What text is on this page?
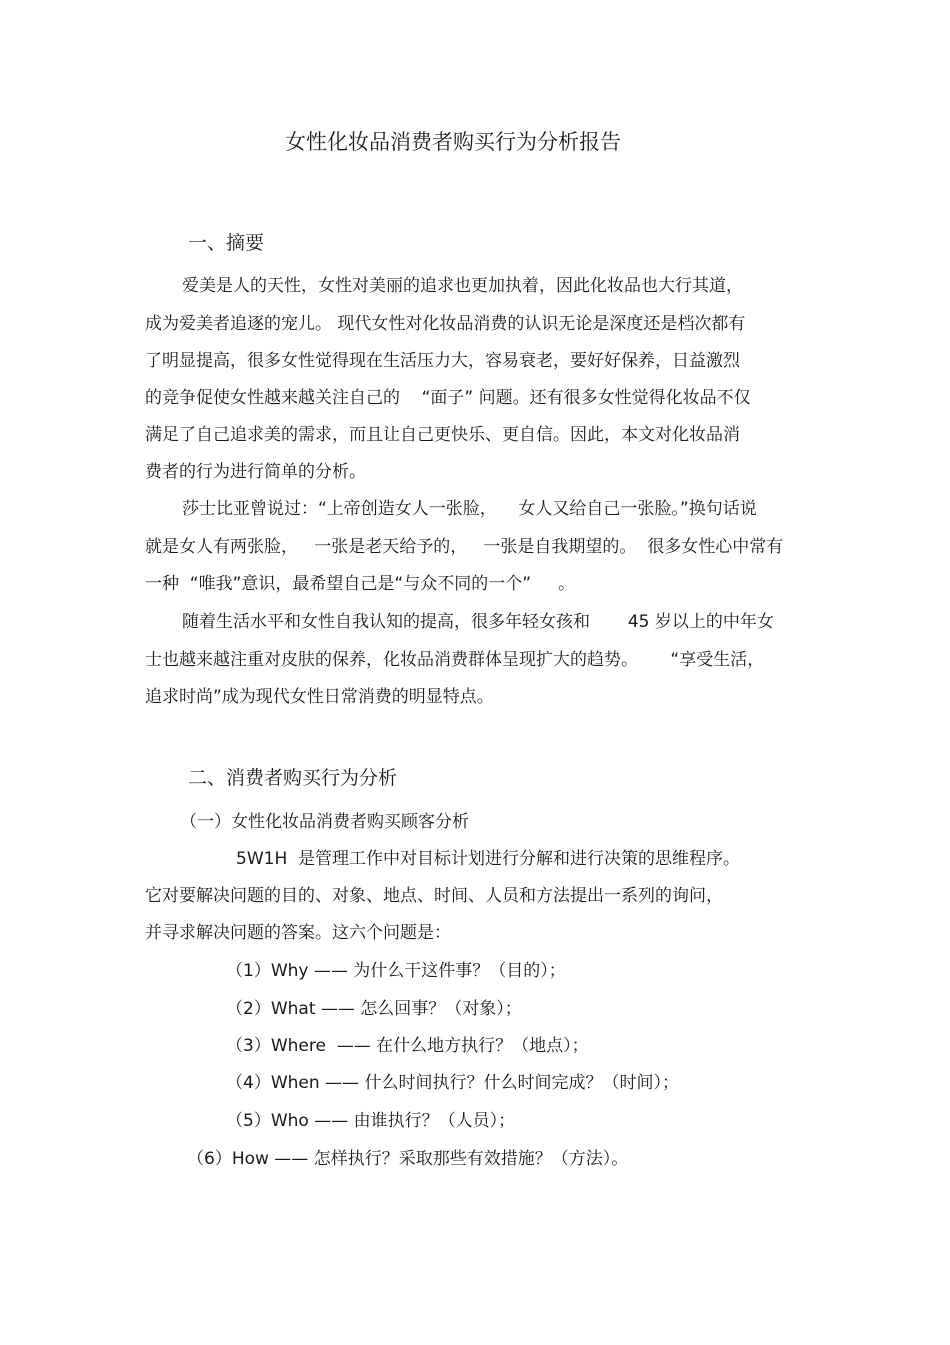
女性化妆品消费者购买行为分析报告
一、摘要
爱美是人的天性，女性对美丽的追求也更加执着，因此化妆品也大行其道，
成为爱美者追逐的宠儿。 现代女性对化妆品消费的认识无论是深度还是档次都有
了明显提高，很多女性觉得现在生活压力大，容易衰老，要好好保养，日益激烈
的竞争促使女性越来越关注自己的    “面子” 问题。还有很多女性觉得化妆品不仅
满足了自己追求美的需求，而且让自己更快乐、更自信。因此，本文对化妆品消
费者的行为进行简单的分析。
莎士比亚曾说过：“上帝创造女人一张脸，    女人又给自己一张脸。”换句话说
就是女人有两张脸，   一张是老天给予的，   一张是自我期望的。  很多女性心中常有
一种  “唯我”意识，最希望自己是“与众不同的一个”     。
随着生活水平和女性自我认知的提高，很多年轻女孩和       45 岁以上的中年女
士也越来越注重对皮肤的保养，化妆品消费群体呈现扩大的趋势。      “享受生活，
追求时尚”成为现代女性日常消费的明显特点。
二、消费者购买行为分析
（一）女性化妆品消费者购买顾客分析
5W1H  是管理工作中对目标计划进行分解和进行决策的思维程序。
它对要解决问题的目的、对象、地点、时间、人员和方法提出一系列的询问，
并寻求解决问题的答案。这六个问题是：
（1）Why —— 为什么干这件事？（目的）；
（2）What —— 怎么回事？（对象）；
（3）Where  —— 在什么地方执行？（地点）；
（4）When —— 什么时间执行？什么时间完成？（时间）；
（5）Who —— 由谁执行？（人员）；
（6）How —— 怎样执行？采取那些有效措施？（方法）。
